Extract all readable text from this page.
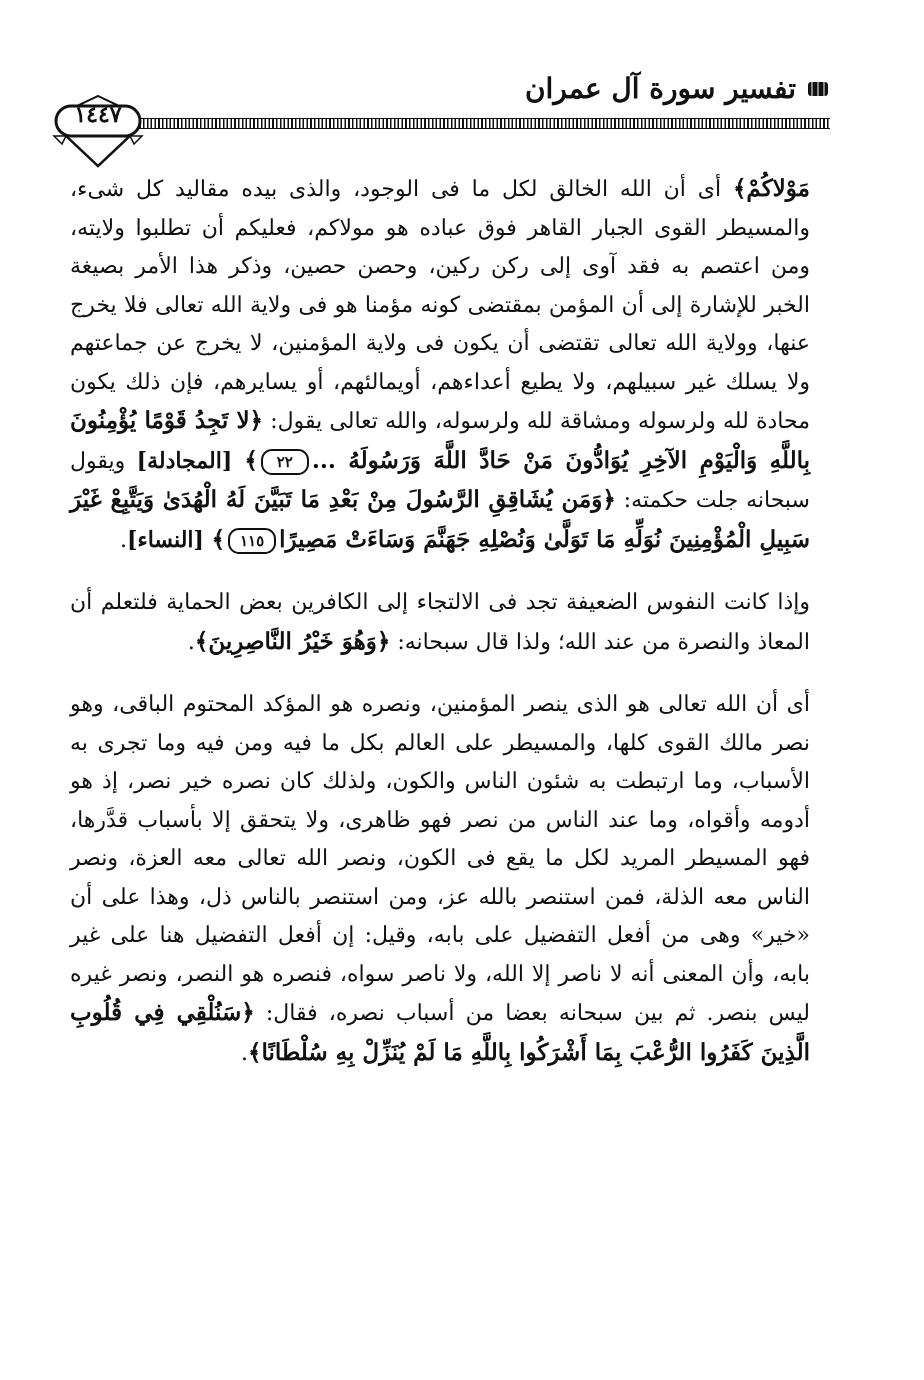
تفسير سورة آل عمران
١٤٤٧

مَوْلاكُمْ﴾ أى أن الله الخالق لكل ما فى الوجود، والذى بيده مقاليد كل شىء، والمسيطر القوى الجبار القاهر فوق عباده هو مولاكم، فعليكم أن تطلبوا ولايته، ومن اعتصم به فقد آوى إلى ركن ركين، وحصن حصين، وذكر هذا الأمر بصيغة الخبر للإشارة إلى أن المؤمن بمقتضى كونه مؤمنا هو فى ولاية الله تعالى فلا يخرج عنها، وولاية الله تعالى تقتضى أن يكون فى ولاية المؤمنين، لا يخرج عن جماعتهم ولا يسلك غير سبيلهم، ولا يطيع أعداءهم، أويمالئهم، أو يسايرهم، فإن ذلك يكون محادة لله ولرسوله ومشاقة لله ولرسوله، والله تعالى يقول: ﴿لا تَجِدُ قَوْمًا يُؤْمِنُونَ بِاللَّهِ وَالْيَوْمِ الآخِرِ يُوَادُّونَ مَنْ حَادَّ اللَّهَ وَرَسُولَهُ ...٢٢﴾ [المجادلة] ويقول سبحانه جلت حكمته: ﴿وَمَن يُشَاقِقِ الرَّسُولَ مِنْ بَعْدِ مَا تَبَيَّنَ لَهُ الْهُدَىٰ وَيَتَّبِعْ غَيْرَ سَبِيلِ الْمُؤْمِنِينَ نُوَلِّهِ مَا تَوَلَّىٰ وَنُصْلِهِ جَهَنَّمَ وَسَاءَتْ مَصِيرًا١١٥﴾ [النساء].

وإذا كانت النفوس الضعيفة تجد فى الالتجاء إلى الكافرين بعض الحماية فلتعلم أن المعاذ والنصرة من عند الله؛ ولذا قال سبحانه: ﴿وَهُوَ خَيْرُ النَّاصِرِينَ﴾.

أى أن الله تعالى هو الذى ينصر المؤمنين، ونصره هو المؤكد المحتوم الباقى، وهو نصر مالك القوى كلها، والمسيطر على العالم بكل ما فيه ومن فيه وما تجرى به الأسباب، وما ارتبطت به شئون الناس والكون، ولذلك كان نصره خير نصر، إذ هو أدومه وأقواه، وما عند الناس من نصر فهو ظاهرى، ولا يتحقق إلا بأسباب قدَّرها، فهو المسيطر المريد لكل ما يقع فى الكون، ونصر الله تعالى معه العزة، ونصر الناس معه الذلة، فمن استنصر بالله عز، ومن استنصر بالناس ذل، وهذا على أن «خير» وهى من أفعل التفضيل على بابه، وقيل: إن أفعل التفضيل هنا على غير بابه، وأن المعنى أنه لا ناصر إلا الله، ولا ناصر سواه، فنصره هو النصر، ونصر غيره ليس بنصر. ثم بين سبحانه بعضا من أسباب نصره، فقال: ﴿سَنُلْقِي فِي قُلُوبِ الَّذِينَ كَفَرُوا الرُّعْبَ بِمَا أَشْرَكُوا بِاللَّهِ مَا لَمْ يُنَزِّلْ بِهِ سُلْطَانًا﴾.
